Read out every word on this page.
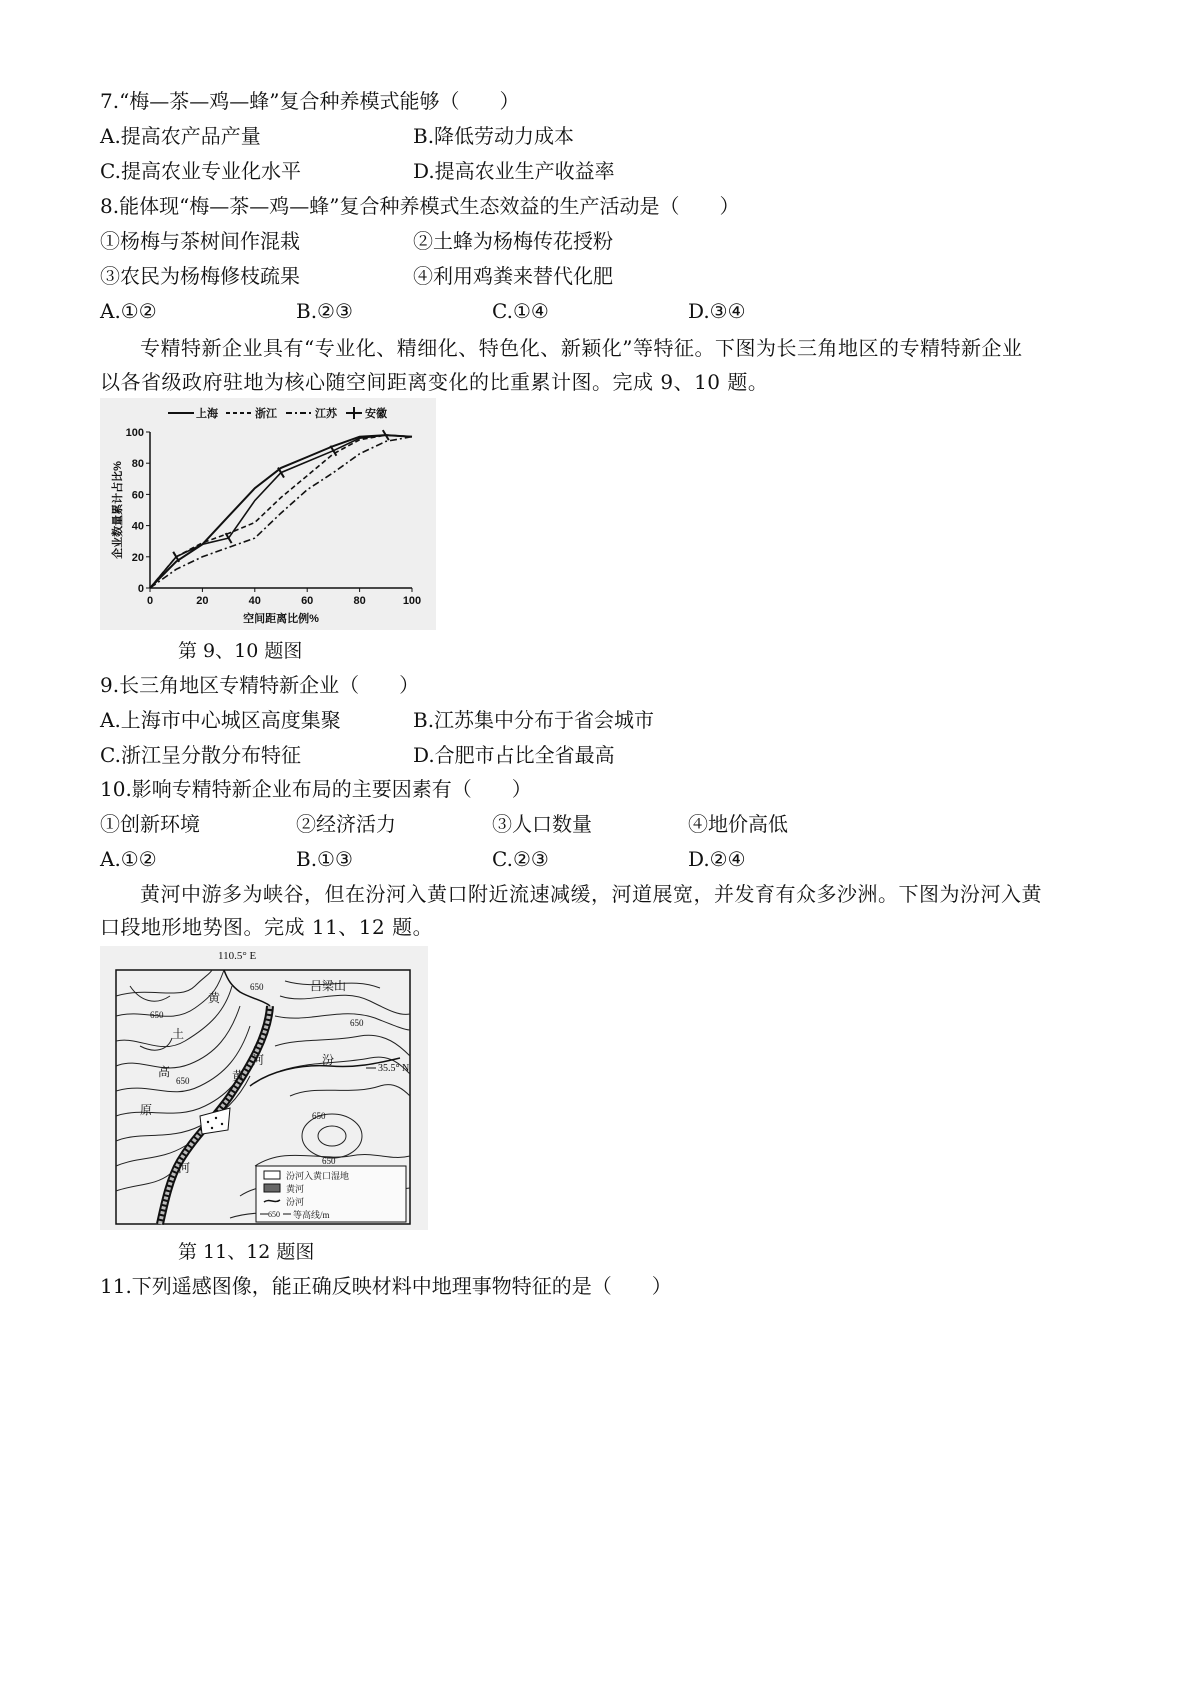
7.“梅—茶—鸡—蜂”复合种养模式能够（　　）
A.提高农产品产量	B.降低劳动力成本
C.提高农业专业化水平	D.提高农业生产收益率
8.能体现“梅—茶—鸡—蜂”复合种养模式生态效益的生产活动是（　　）
①杨梅与茶树间作混栽	②土蜂为杨梅传花授粉
③农民为杨梅修枝疏果	④利用鸡粪来替代化肥
A.①②	B.②③	C.①④	D.③④
专精特新企业具有“专业化、精细化、特色化、新颖化”等特征。下图为长三角地区的专精特新企业
以各省级政府驻地为核心随空间距离变化的比重累计图。完成 9、10 题。
上海	浙江	江苏	安徽
0	20	40	60	80	100
0
20
40
60
80
100
空间距离比例%
企业数量累计占比%
第 9、10 题图
9.长三角地区专精特新企业（　　）
A.上海市中心城区高度集聚	B.江苏集中分布于省会城市
C.浙江呈分散分布特征	D.合肥市占比全省最高
10.影响专精特新企业布局的主要因素有（　　）
①创新环境	②经济活力	③人口数量	④地价高低
A.①②	B.①③	C.②③	D.②④
黄河中游多为峡谷，但在汾河入黄口附近流速减缓，河道展宽，并发育有众多沙洲。下图为汾河入黄
口段地形地势图。完成 11、12 题。
110.5° E
吕梁山
黄
土
高
原
黄
河
河
汾
650
650
650
650
650
650
35.5° N
汾河入黄口湿地
黄河
汾河
650 等高线/m
第 11、12 题图
11.下列遥感图像，能正确反映材料中地理事物特征的是（　　）
